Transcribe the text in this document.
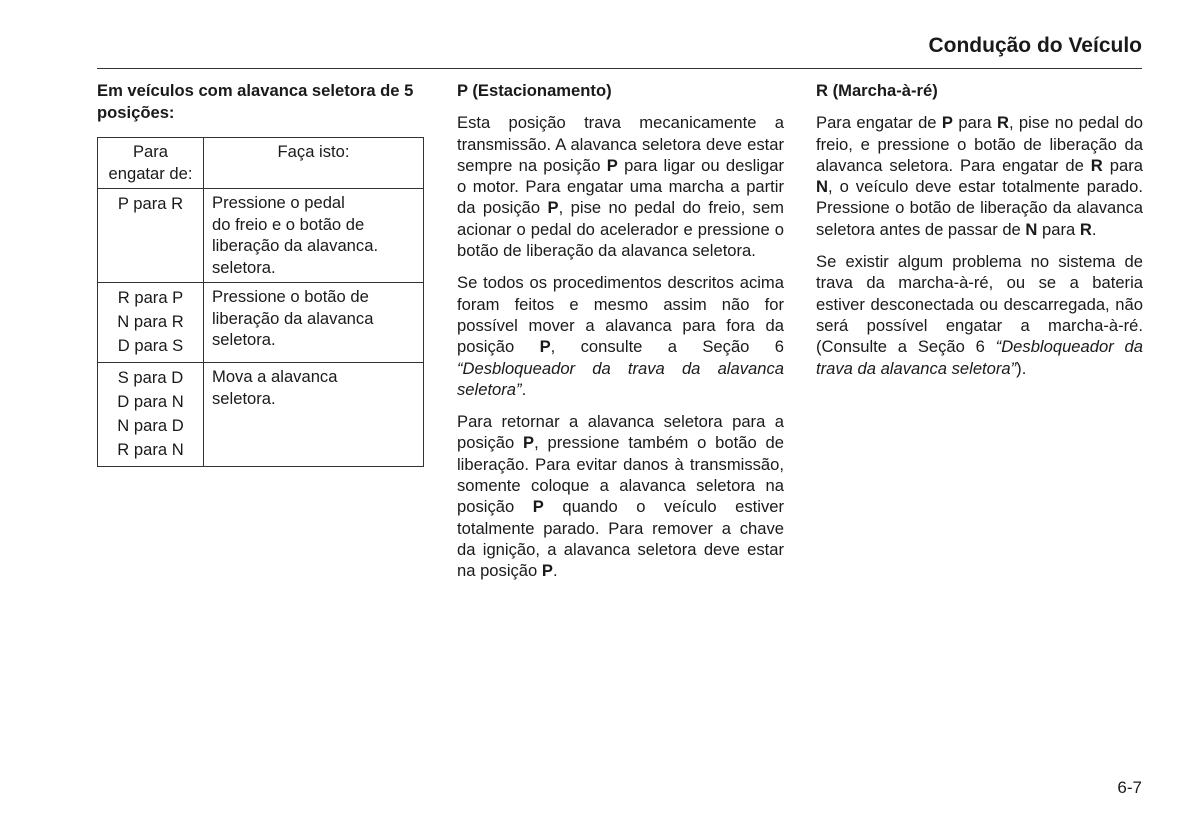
Condução do Veículo
Em veículos com alavanca seletora de 5 posições:
Para engatar de:	Faça isto:

P para R	Pressione o pedal
do freio e o botão de
liberação da alavanca.
seletora.

R para P
N para R
D para S	Pressione o botão de
liberação da alavanca
seletora.

S para D
D para N
N para D
R para N	Mova a alavanca
seletora.
P (Estacionamento)

Esta posição trava mecanicamente a transmissão. A alavanca seletora deve estar sempre na posição P para ligar ou desligar o motor. Para engatar uma marcha a partir da posição P, pise no pedal do freio, sem acionar o pedal do acelerador e pressione o botão de liberação da alavanca seletora.

Se todos os procedimentos descritos acima foram feitos e mesmo assim não for possível mover a alavanca para fora da posição P, consulte a Seção 6 “Desbloqueador da trava da alavanca seletora”.

Para retornar a alavanca seletora para a posição P, pressione também o botão de liberação. Para evitar danos à transmissão, somente coloque a alavanca seletora na posição P quando o veículo estiver totalmente parado. Para remover a chave da ignição, a alavanca seletora deve estar na posição P.

R (Marcha-à-ré)

Para engatar de P para R, pise no pedal do freio, e pressione o botão de liberação da alavanca seletora. Para engatar de R para N, o veículo deve estar totalmente parado. Pressione o botão de liberação da alavanca seletora antes de passar de N para R.

Se existir algum problema no sistema de trava da marcha-à-ré, ou se a bateria estiver desconectada ou descarregada, não será possível engatar a marcha-à-ré. (Consulte a Seção 6 “Desbloqueador da trava da alavanca seletora”).

6-7
